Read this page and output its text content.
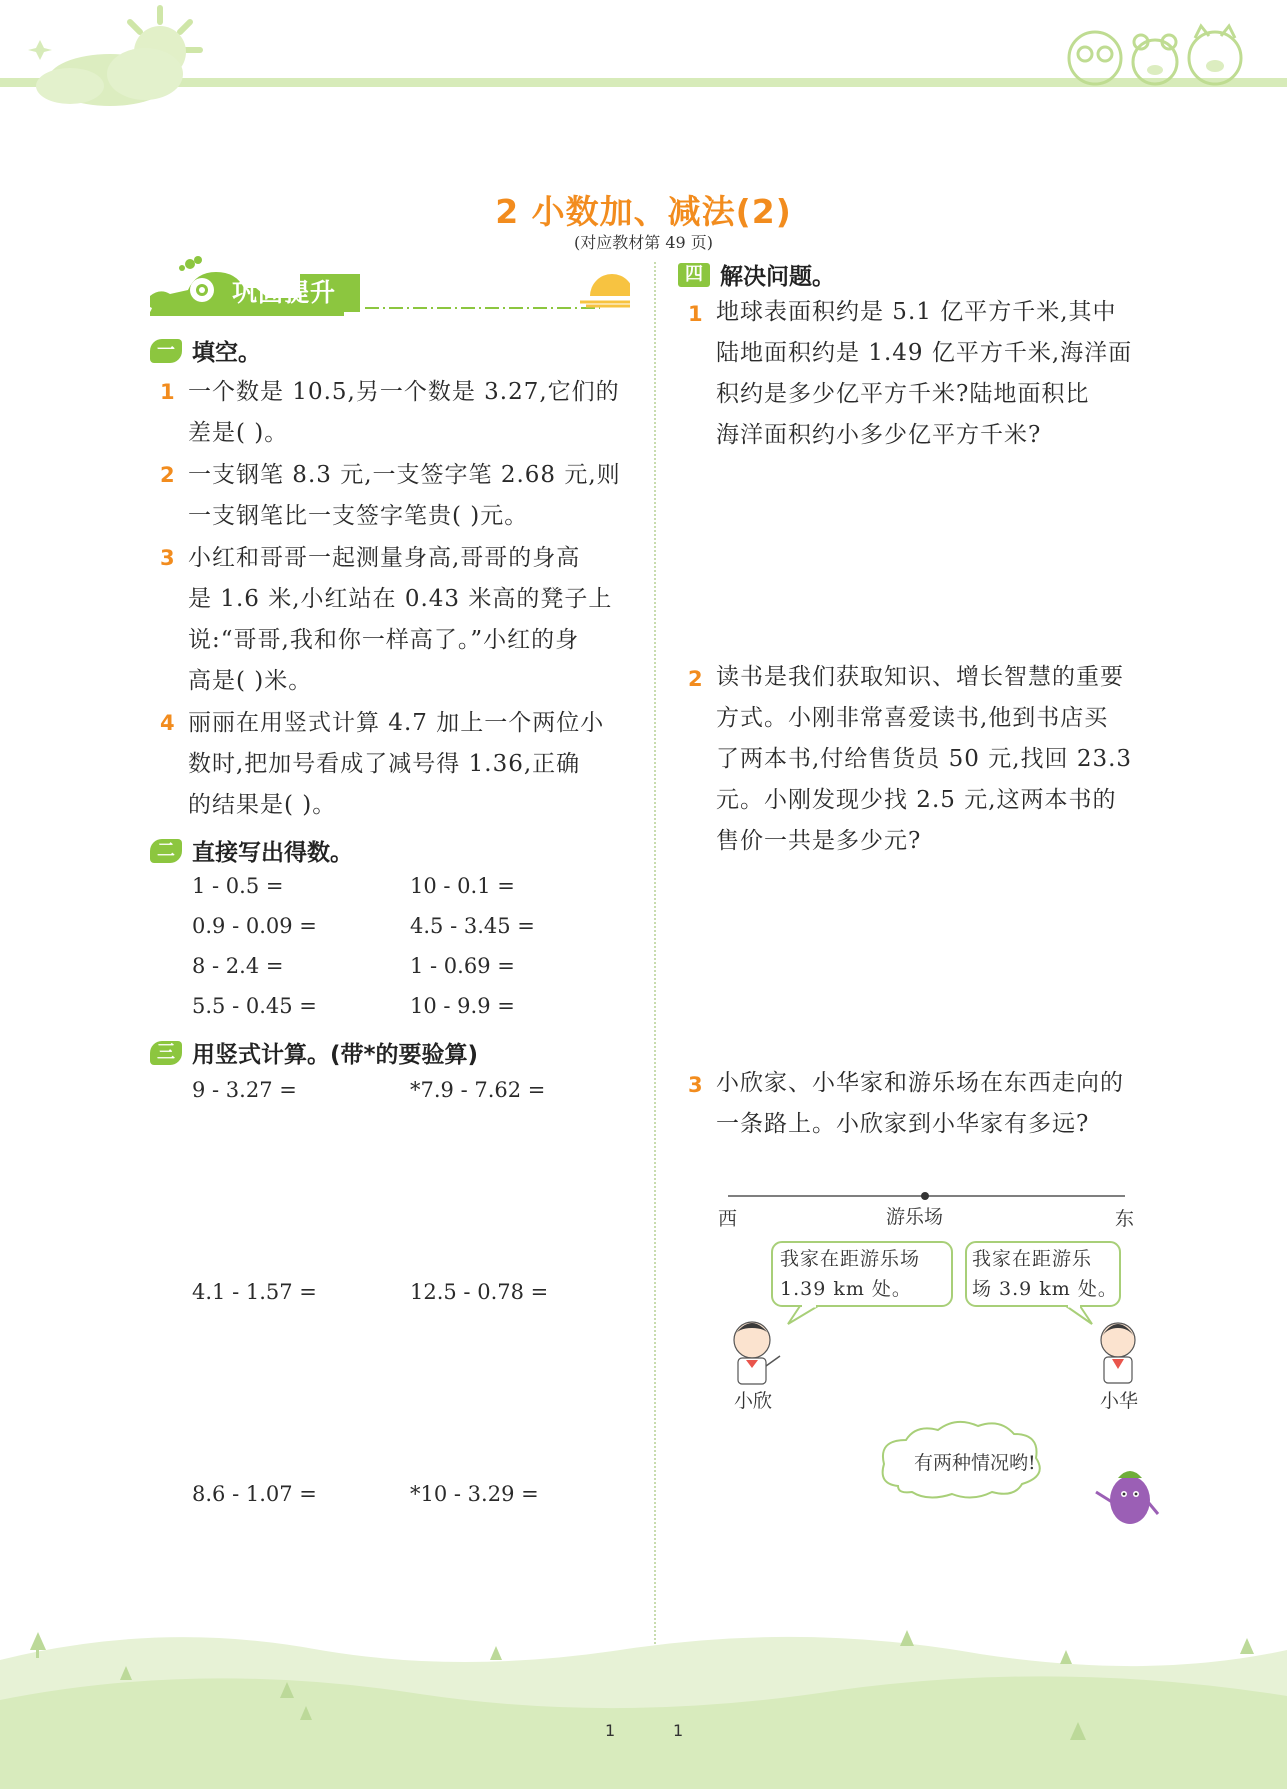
2 小数加、减法(2)
(对应教材第 49 页)
巩固提升
一 填空。
1 一个数是 10.5,另一个数是 3.27,它们的
差是( )。
2 一支钢笔 8.3 元,一支签字笔 2.68 元,则
一支钢笔比一支签字笔贵( )元。
3 小红和哥哥一起测量身高,哥哥的身高
是 1.6 米,小红站在 0.43 米高的凳子上
说:“哥哥,我和你一样高了。”小红的身
高是( )米。
4 丽丽在用竖式计算 4.7 加上一个两位小
数时,把加号看成了减号得 1.36,正确
的结果是( )。
二 直接写出得数。
1 - 0.5 =	10 - 0.1 =
0.9 - 0.09 =	4.5 - 3.45 =
8 - 2.4 =	1 - 0.69 =
5.5 - 0.45 =	10 - 9.9 =
三 用竖式计算。(带*的要验算)
9 - 3.27 =	*7.9 - 7.62 =
4.1 - 1.57 =	12.5 - 0.78 =
8.6 - 1.07 =	*10 - 3.29 =
四 解决问题。
1 地球表面积约是 5.1 亿平方千米,其中
陆地面积约是 1.49 亿平方千米,海洋面
积约是多少亿平方千米?陆地面积比
海洋面积约小多少亿平方千米?
2 读书是我们获取知识、增长智慧的重要
方式。小刚非常喜爱读书,他到书店买
了两本书,付给售货员 50 元,找回 23.3
元。小刚发现少找 2.5 元,这两本书的
售价一共是多少元?
3 小欣家、小华家和游乐场在东西走向的
一条路上。小欣家到小华家有多远?
西	游乐场	东
我家在距游乐场
1.39 km 处。
我家在距游乐
场 3.9 km 处。
小欣	小华
有两种情况哟!
1	1
